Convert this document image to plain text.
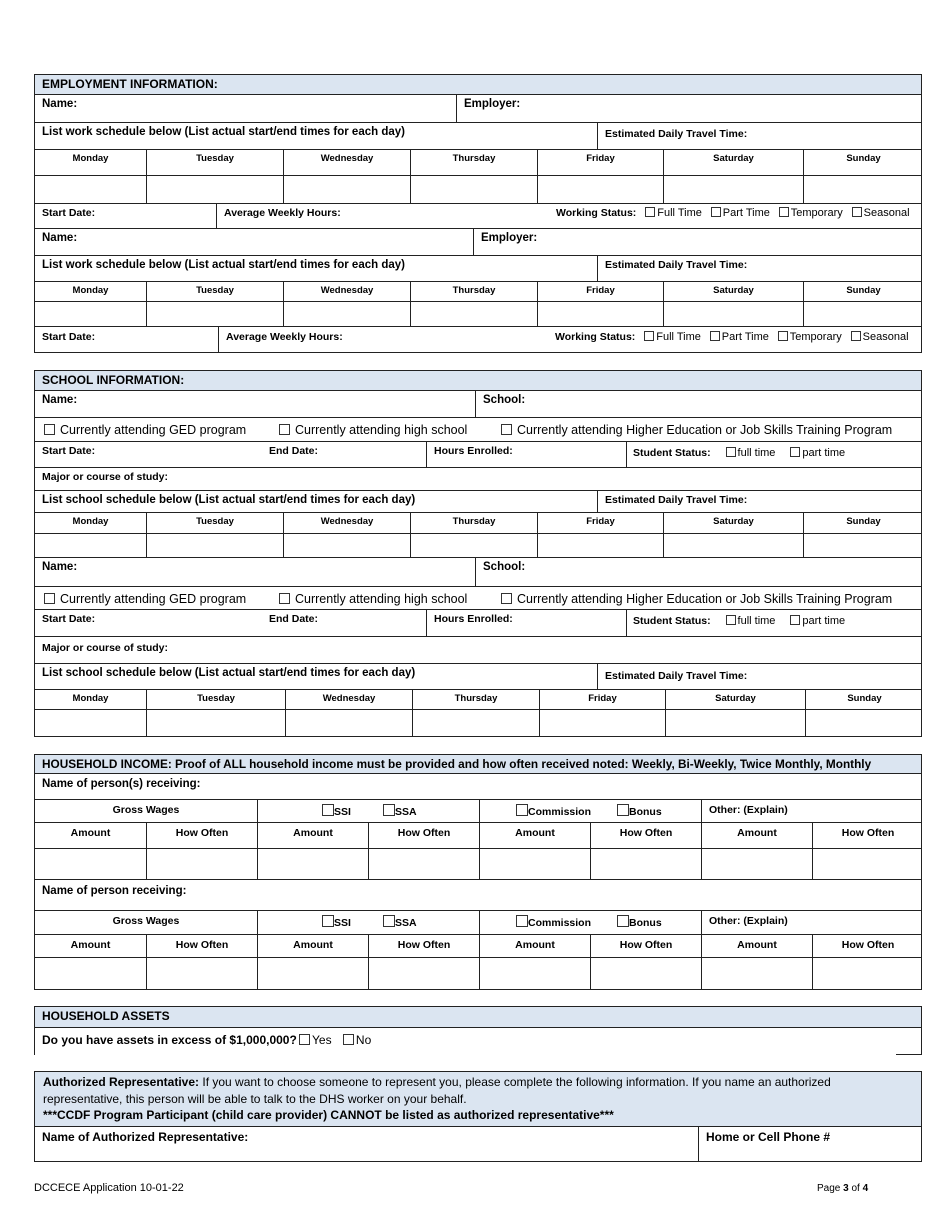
EMPLOYMENT INFORMATION:
Name:	Employer:
List work schedule below (List actual start/end times for each day)	Estimated Daily Travel Time:
Monday	Tuesday	Wednesday	Thursday	Friday	Saturday	Sunday
Start Date:	Average Weekly Hours:	Working Status: Full Time Part Time Temporary Seasonal
Name:	Employer:
List work schedule below (List actual start/end times for each day)	Estimated Daily Travel Time:
Monday	Tuesday	Wednesday	Thursday	Friday	Saturday	Sunday
Start Date:	Average Weekly Hours:	Working Status: Full Time Part Time Temporary Seasonal
SCHOOL INFORMATION:
Name:	School:
Currently attending GED program	Currently attending high school	Currently attending Higher Education or Job Skills Training Program
Start Date:	End Date:	Hours Enrolled:	Student Status: full time part time
Major or course of study:
List school schedule below (List actual start/end times for each day)	Estimated Daily Travel Time:
Monday	Tuesday	Wednesday	Thursday	Friday	Saturday	Sunday
Name:	School:
Currently attending GED program	Currently attending high school	Currently attending Higher Education or Job Skills Training Program
Start Date:	End Date:	Hours Enrolled:	Student Status: full time part time
Major or course of study:
List school schedule below (List actual start/end times for each day)	Estimated Daily Travel Time:
Monday	Tuesday	Wednesday	Thursday	Friday	Saturday	Sunday
HOUSEHOLD INCOME: Proof of ALL household income must be provided and how often received noted: Weekly, Bi-Weekly, Twice Monthly, Monthly
Name of person(s) receiving:
Gross Wages	SSI	SSA	Commission	Bonus	Other: (Explain)
Amount	How Often	Amount	How Often	Amount	How Often	Amount	How Often
Name of person receiving:
Gross Wages	SSI	SSA	Commission	Bonus	Other: (Explain)
Amount	How Often	Amount	How Often	Amount	How Often	Amount	How Often
HOUSEHOLD ASSETS
Do you have assets in excess of $1,000,000?	Yes No
Authorized Representative: If you want to choose someone to represent you, please complete the following information. If you name an authorized representative, this person will be able to talk to the DHS worker on your behalf.
***CCDF Program Participant (child care provider) CANNOT be listed as authorized representative***
Name of Authorized Representative:	Home or Cell Phone #
DCCECE Application 10-01-22	Page 3 of 4
